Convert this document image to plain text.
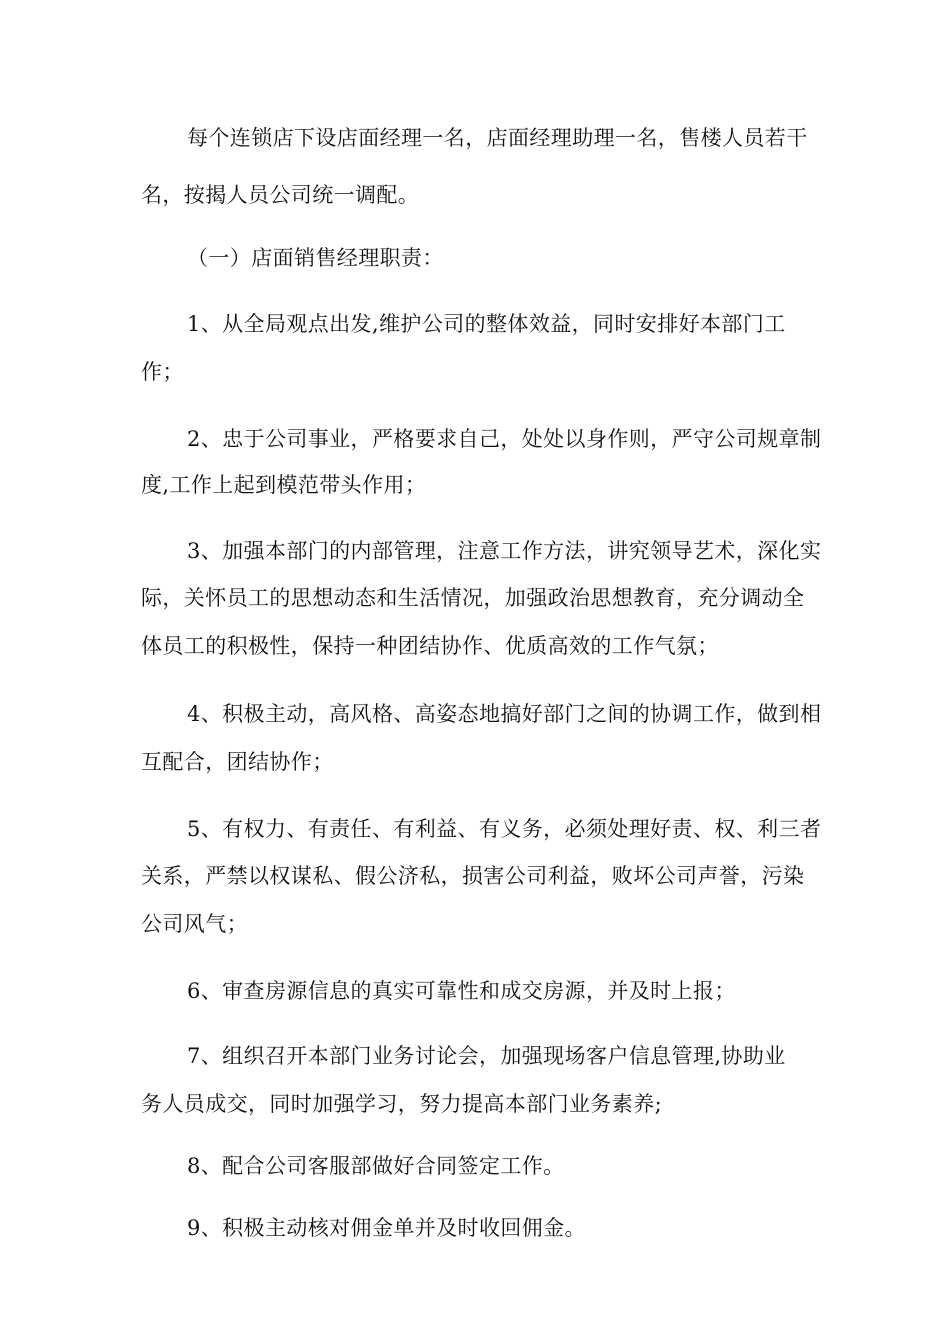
每个连锁店下设店面经理一名，店面经理助理一名，售楼人员若干

名，按揭人员公司统一调配。

（一）店面销售经理职责：

1、从全局观点出发,维护公司的整体效益，同时安排好本部门工

作；

2、忠于公司事业，严格要求自己，处处以身作则，严守公司规章制

度,工作上起到模范带头作用；

3、加强本部门的内部管理，注意工作方法，讲究领导艺术，深化实

际，关怀员工的思想动态和生活情况，加强政治思想教育，充分调动全

体员工的积极性，保持一种团结协作、优质高效的工作气氛；

4、积极主动，高风格、高姿态地搞好部门之间的协调工作，做到相

互配合，团结协作；

5、有权力、有责任、有利益、有义务，必须处理好责、权、利三者

关系，严禁以权谋私、假公济私，损害公司利益，败坏公司声誉，污染

公司风气；

6、审查房源信息的真实可靠性和成交房源，并及时上报；

7、组织召开本部门业务讨论会，加强现场客户信息管理,协助业

务人员成交，同时加强学习，努力提高本部门业务素养;

8、配合公司客服部做好合同签定工作。

9、积极主动核对佣金单并及时收回佣金。
